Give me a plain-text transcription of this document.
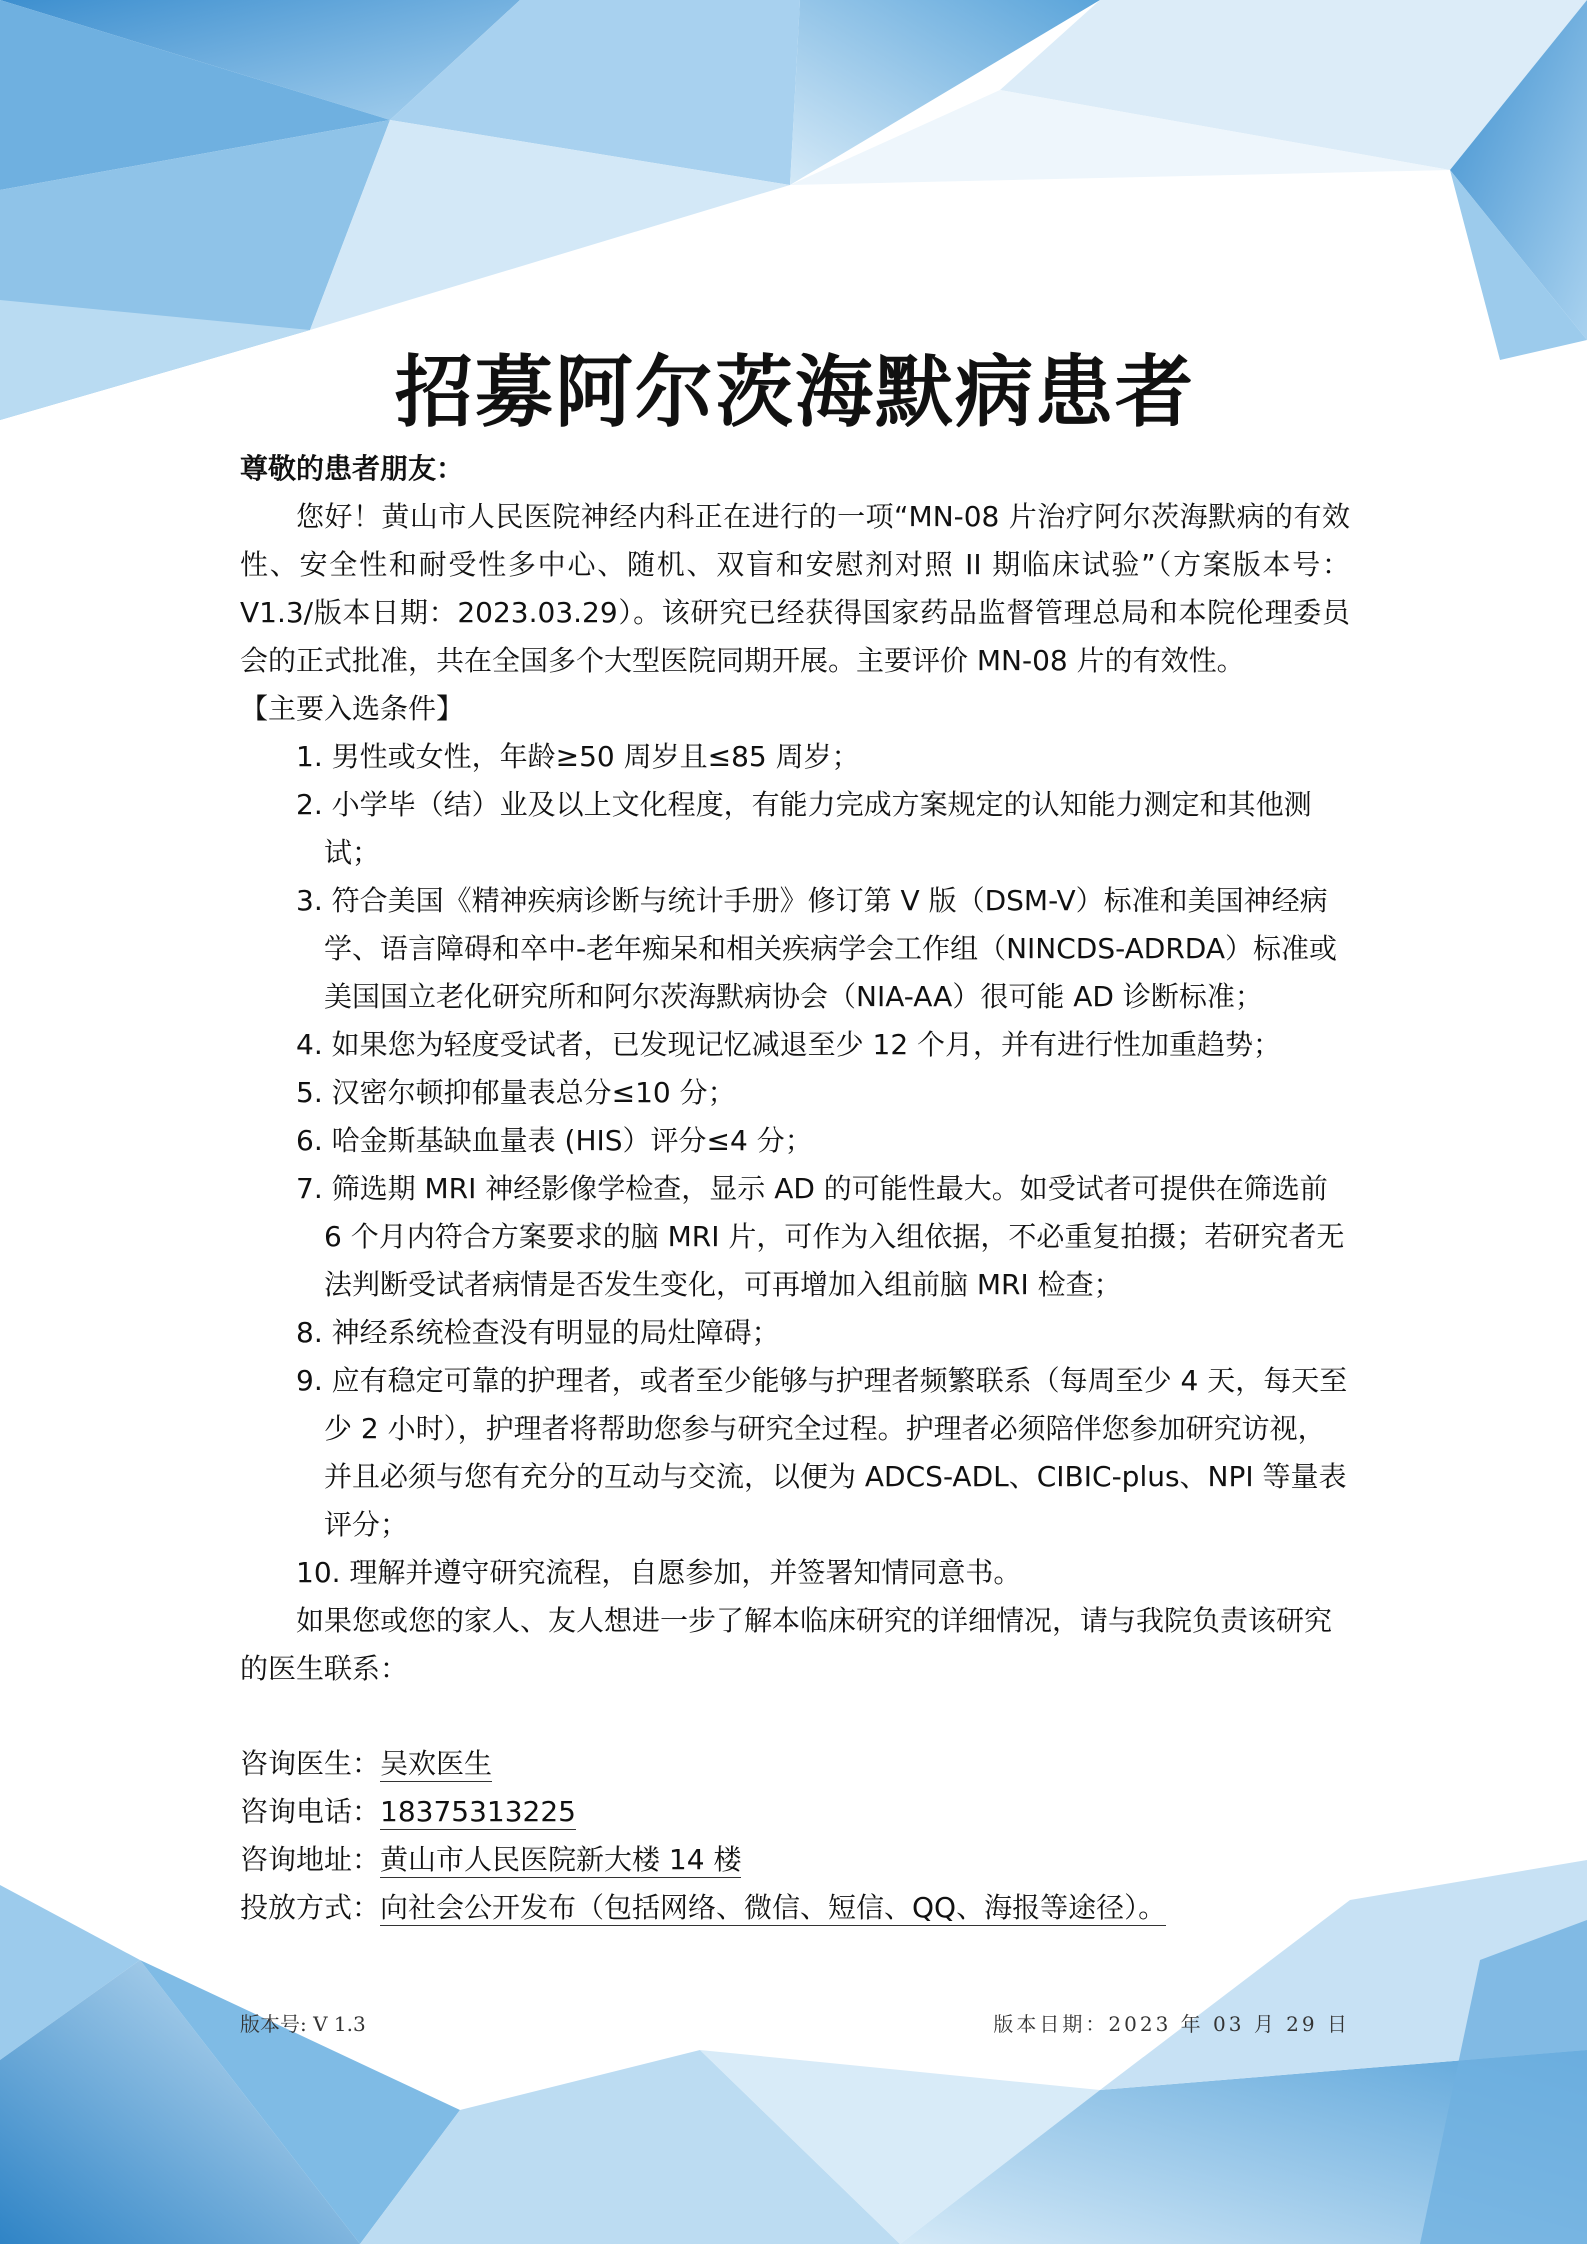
招募阿尔茨海默病患者
尊敬的患者朋友：
您好！黄山市人民医院神经内科正在进行的一项“MN-08 片治疗阿尔茨海默病的有效性、安全性和耐受性多中心、随机、双盲和安慰剂对照 II 期临床试验”（方案版本号：V1.3/版本日期：2023.03.29）。该研究已经获得国家药品监督管理总局和本院伦理委员会的正式批准，共在全国多个大型医院同期开展。主要评价 MN-08 片的有效性。
【主要入选条件】
1. 男性或女性，年龄≥50 周岁且≤85 周岁；
2. 小学毕（结）业及以上文化程度，有能力完成方案规定的认知能力测定和其他测试；
3. 符合美国《精神疾病诊断与统计手册》修订第 V 版（DSM-V）标准和美国神经病学、语言障碍和卒中-老年痴呆和相关疾病学会工作组（NINCDS-ADRDA）标准或美国国立老化研究所和阿尔茨海默病协会（NIA-AA）很可能 AD 诊断标准；
4. 如果您为轻度受试者，已发现记忆减退至少 12 个月，并有进行性加重趋势；
5. 汉密尔顿抑郁量表总分≤10 分；
6. 哈金斯基缺血量表 (HIS）评分≤4 分；
7. 筛选期 MRI 神经影像学检查，显示 AD 的可能性最大。如受试者可提供在筛选前 6 个月内符合方案要求的脑 MRI 片，可作为入组依据，不必重复拍摄；若研究者无法判断受试者病情是否发生变化，可再增加入组前脑 MRI 检查；
8. 神经系统检查没有明显的局灶障碍；
9. 应有稳定可靠的护理者，或者至少能够与护理者频繁联系（每周至少 4 天，每天至少 2 小时），护理者将帮助您参与研究全过程。护理者必须陪伴您参加研究访视，并且必须与您有充分的互动与交流，以便为 ADCS-ADL、CIBIC-plus、NPI 等量表评分；
10. 理解并遵守研究流程，自愿参加，并签署知情同意书。
如果您或您的家人、友人想进一步了解本临床研究的详细情况，请与我院负责该研究的医生联系：
咨询医生：吴欢医生
咨询电话：18375313225
咨询地址：黄山市人民医院新大楼 14 楼
投放方式：向社会公开发布（包括网络、微信、短信、QQ、海报等途径）。
版本号: V 1.3	版本日期：2023 年 03 月 29 日
